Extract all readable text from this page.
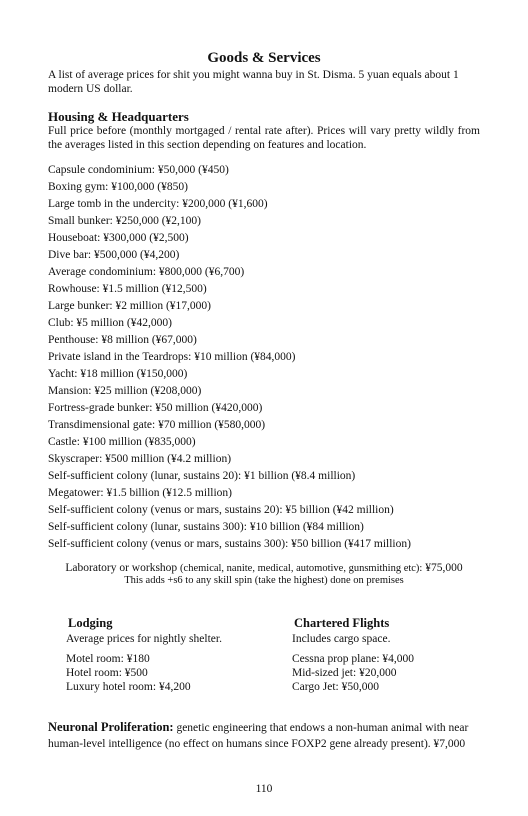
Goods & Services
A list of average prices for shit you might wanna buy in St. Disma. 5 yuan equals about 1 modern US dollar.
Housing & Headquarters
Full price before (monthly mortgaged / rental rate after). Prices will vary pretty wildly from the averages listed in this section depending on features and location.
Capsule condominium: ¥50,000 (¥450)
Boxing gym: ¥100,000 (¥850)
Large tomb in the undercity: ¥200,000 (¥1,600)
Small bunker: ¥250,000 (¥2,100)
Houseboat: ¥300,000 (¥2,500)
Dive bar: ¥500,000 (¥4,200)
Average condominium: ¥800,000 (¥6,700)
Rowhouse: ¥1.5 million (¥12,500)
Large bunker: ¥2 million (¥17,000)
Club: ¥5 million (¥42,000)
Penthouse: ¥8 million (¥67,000)
Private island in the Teardrops: ¥10 million (¥84,000)
Yacht: ¥18 million (¥150,000)
Mansion: ¥25 million (¥208,000)
Fortress-grade bunker: ¥50 million (¥420,000)
Transdimensional gate: ¥70 million (¥580,000)
Castle: ¥100 million (¥835,000)
Skyscraper: ¥500 million (¥4.2 million)
Self-sufficient colony (lunar, sustains 20): ¥1 billion (¥8.4 million)
Megatower: ¥1.5 billion (¥12.5 million)
Self-sufficient colony (venus or mars, sustains 20): ¥5 billion (¥42 million)
Self-sufficient colony (lunar, sustains 300): ¥10 billion (¥84 million)
Self-sufficient colony (venus or mars, sustains 300): ¥50 billion (¥417 million)
Laboratory or workshop (chemical, nanite, medical, automotive, gunsmithing etc): ¥75,000
This adds +s6 to any skill spin (take the highest) done on premises
Lodging
Average prices for nightly shelter.
Motel room: ¥180
Hotel room: ¥500
Luxury hotel room: ¥4,200
Chartered Flights
Includes cargo space.
Cessna prop plane: ¥4,000
Mid-sized jet: ¥20,000
Cargo Jet: ¥50,000
Neuronal Proliferation: genetic engineering that endows a non-human animal with near human-level intelligence (no effect on humans since FOXP2 gene already present). ¥7,000
110
